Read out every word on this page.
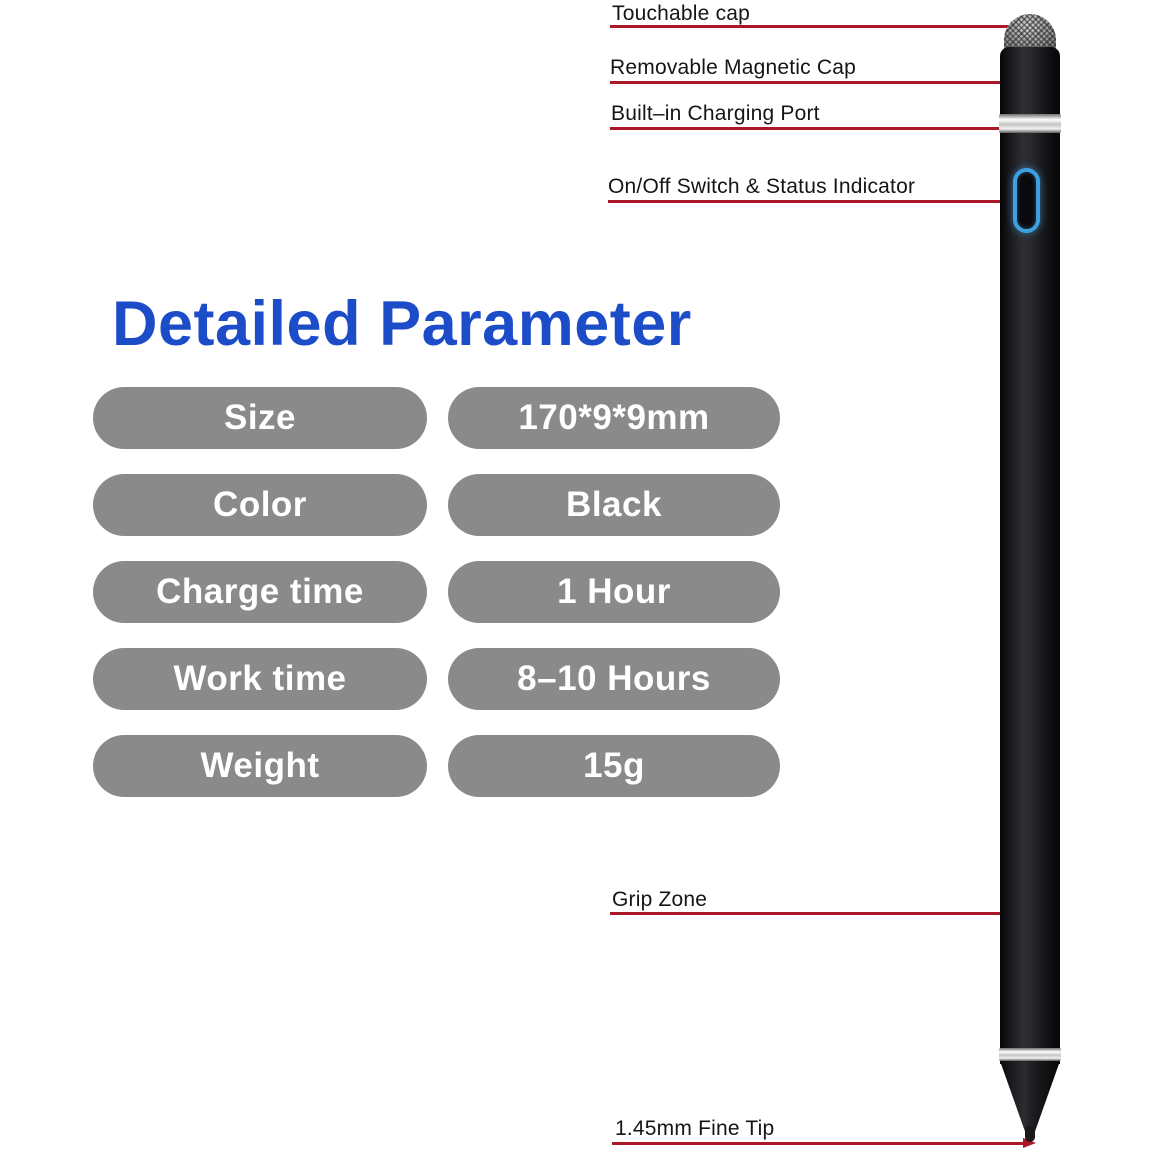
Touchable cap
Removable Magnetic Cap
Built–in Charging Port
On/Off Switch & Status Indicator
Grip Zone
1.45mm Fine Tip
Detailed Parameter
Size	170*9*9mm
Color	Black
Charge time	1 Hour
Work time	8–10 Hours
Weight	15g
